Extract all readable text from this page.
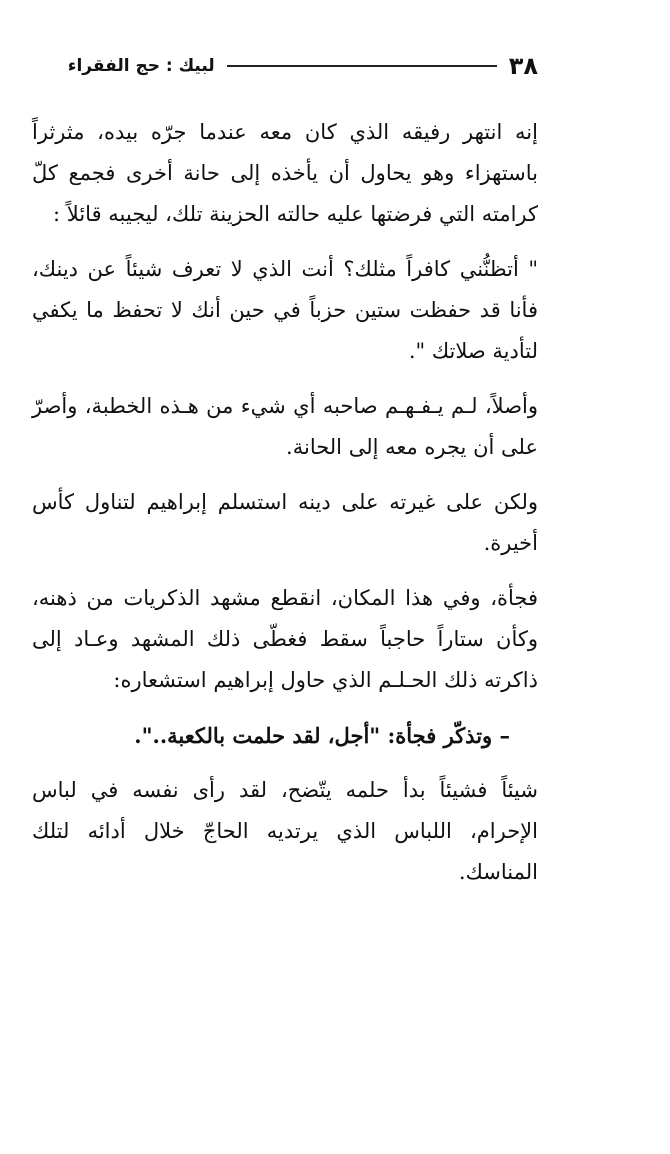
٣٨
لبيك : حج الفقراء

إنه انتهر رفيقه الذي كان معه عندما جرّه بيده، مثرثراً باستهزاء وهو يحاول أن يأخذه إلى حانة أخرى فجمع كلّ كرامته التي فرضتها عليه حالته الحزينة تلك، ليجيبه قائلاً :

" أتظنُّني كافراً مثلك؟ أنت الذي لا تعرف شيئاً عن دينك، فأنا قد حفظت ستين حزباً في حين أنك لا تحفظ ما يكفي لتأدية صلاتك ".

وأصلاً، لـم يـفـهـم صاحبه أي شيء من هـذه الخطبة، وأصرّ على أن يجره معه إلى الحانة.

ولكن على غيرته على دينه استسلم إبراهيم لتناول كأس أخيرة.

فجأة، وفي هذا المكان، انقطع مشهد الذكريات من ذهنه، وكأن ستاراً حاجباً سقط فغطّى ذلك المشهد وعـاد إلى ذاكرته ذلك الحـلـم الذي حاول إبراهيم استشعاره:

– وتذكّر فجأة: "أجل، لقد حلمت بالكعبة..".

شيئاً فشيئاً بدأ حلمه يتّضح، لقد رأى نفسه في لباس الإحرام، اللباس الذي يرتديه الحاجّ خلال أدائه لتلك المناسك.
